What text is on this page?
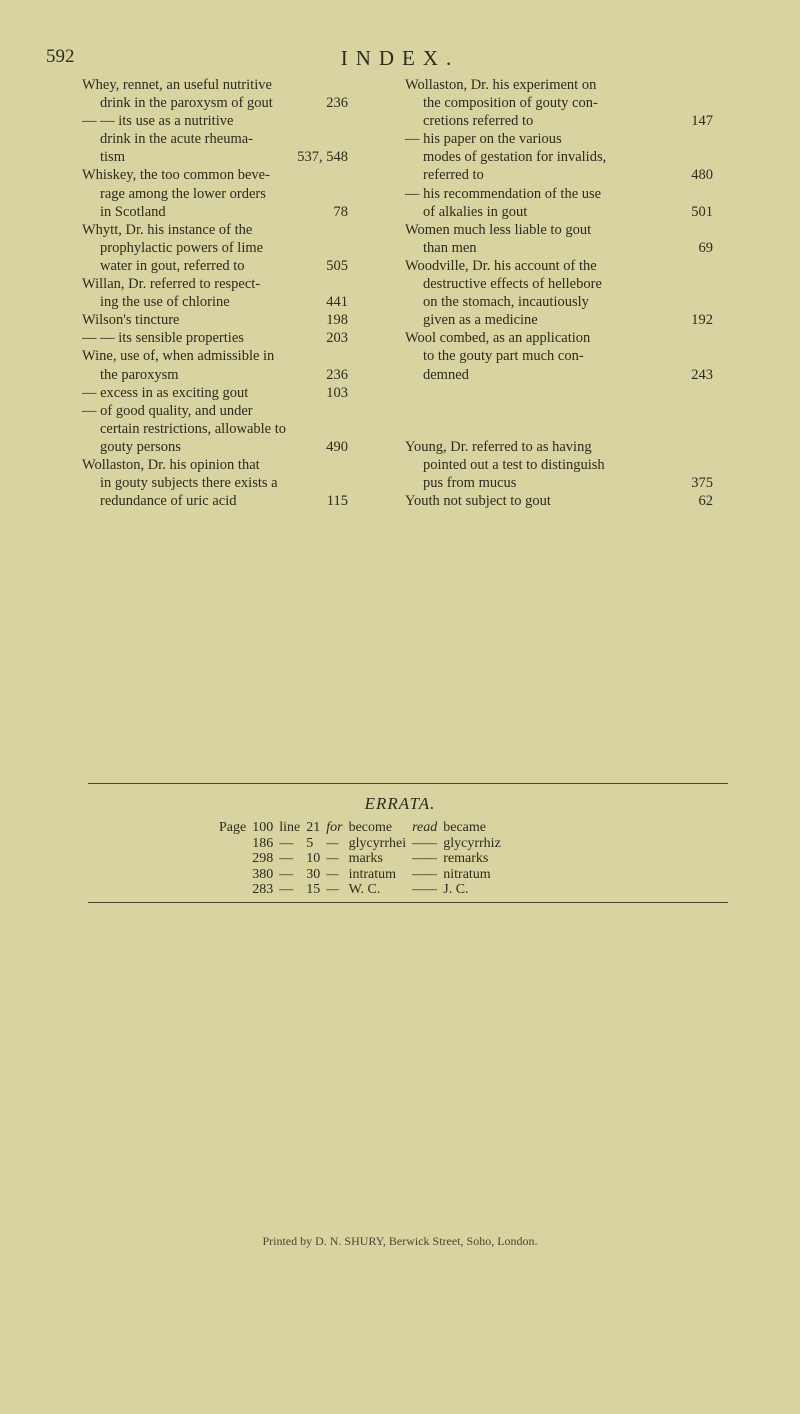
592	INDEX.
Whey, rennet, an useful nutritive
drink in the paroxysm of gout	236
— — its use as a nutritive
drink in the acute rheuma-
tism	537, 548
Whiskey, the too common beve-
rage among the lower orders
in Scotland	78
Whytt, Dr. his instance of the
prophylactic powers of lime
water in gout, referred to	505
Willan, Dr. referred to respect-
ing the use of chlorine	441
Wilson's tincture	198
— — its sensible properties	203
Wine, use of, when admissible in
the paroxysm	236
— excess in as exciting gout	103
— of good quality, and under
certain restrictions, allowable to
gouty persons	490
Wollaston, Dr. his opinion that
in gouty subjects there exists a
redundance of uric acid	115
Wollaston, Dr. his experiment on
the composition of gouty con-
cretions referred to	147
— his paper on the various
modes of gestation for invalids,
referred to	480
— his recommendation of the use
of alkalies in gout	501
Women much less liable to gout
than men	69
Woodville, Dr. his account of the
destructive effects of hellebore
on the stomach, incautiously
given as a medicine	192
Wool combed, as an application
to the gouty part much con-
demned	243
Young, Dr. referred to as having
pointed out a test to distinguish
pus from mucus	375
Youth not subject to gout	62
ERRATA.
Page	100	line	21	for	become	read	became
	186	—	5	—	glycyrrhei	——	glycyrrhiz
	298	—	10	—	marks	——	remarks
	380	—	30	—	intratum	——	nitratum
	283	—	15	—	W. C.	——	J. C.
Printed by D. N. SHURY, Berwick Street, Soho, London.
